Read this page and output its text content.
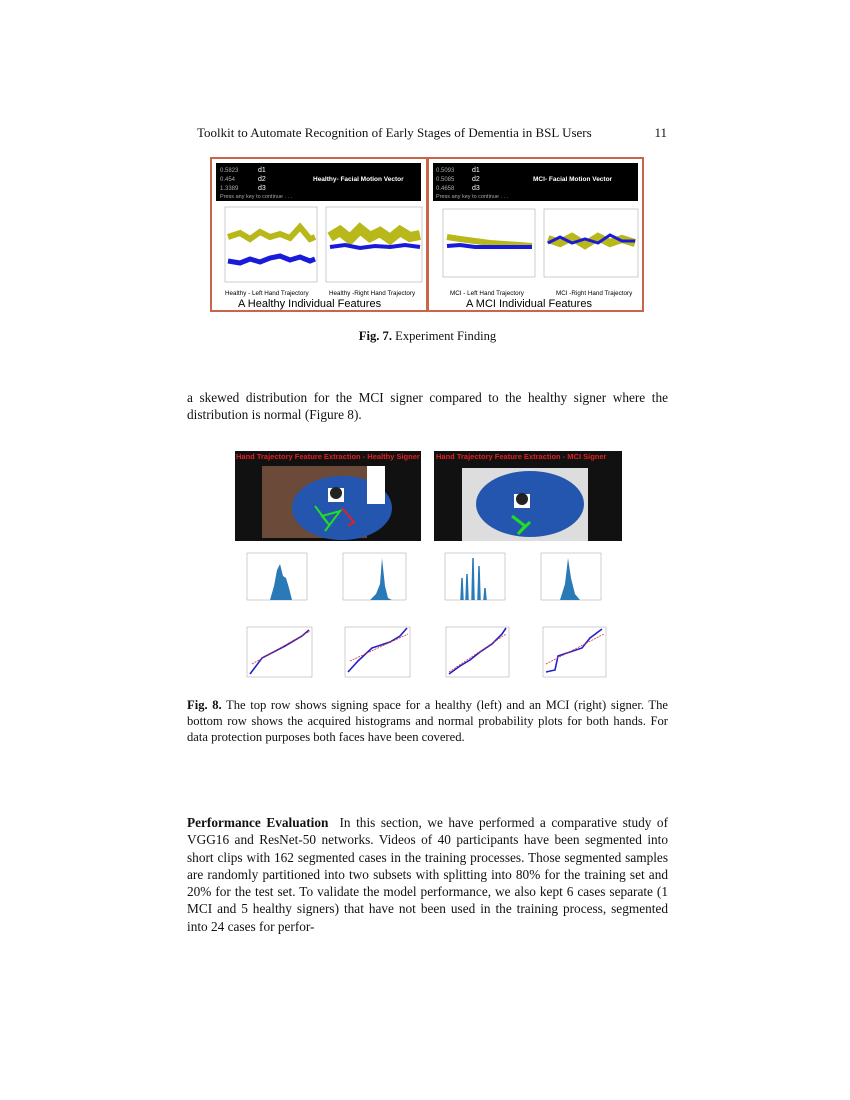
Toolkit to Automate Recognition of Early Stages of Dementia in BSL Users	11
0.5823
0.454
1.3389
d1
d2
d3
Press any key to continue . . .
Healthy- Facial Motion Vector
Healthy - Left Hand Trajectory	Healthy -Right Hand Trajectory
A Healthy Individual Features
0.5093
0.5085
0.4658
d1
d2
d3
Press any key to continue . . .
MCI- Facial Motion Vector
MCI - Left Hand Trajectory	MCI -Right Hand Trajectory
A MCI Individual Features
Fig. 7. Experiment Finding
a skewed distribution for the MCI signer compared to the healthy signer where the distribution is normal (Figure 8).
Hand Trajectory Feature Extraction - Healthy Signer Hand Trajectory Feature Extraction - MCI Signer
Fig. 8. The top row shows signing space for a healthy (left) and an MCI (right) signer. The bottom row shows the acquired histograms and normal probability plots for both hands. For data protection purposes both faces have been covered.
Performance Evaluation  In this section, we have performed a comparative study of VGG16 and ResNet-50 networks. Videos of 40 participants have been segmented into short clips with 162 segmented cases in the training processes. Those segmented samples are randomly partitioned into two subsets with splitting into 80% for the training set and 20% for the test set. To validate the model performance, we also kept 6 cases separate (1 MCI and 5 healthy signers) that have not been used in the training process, segmented into 24 cases for perfor-
